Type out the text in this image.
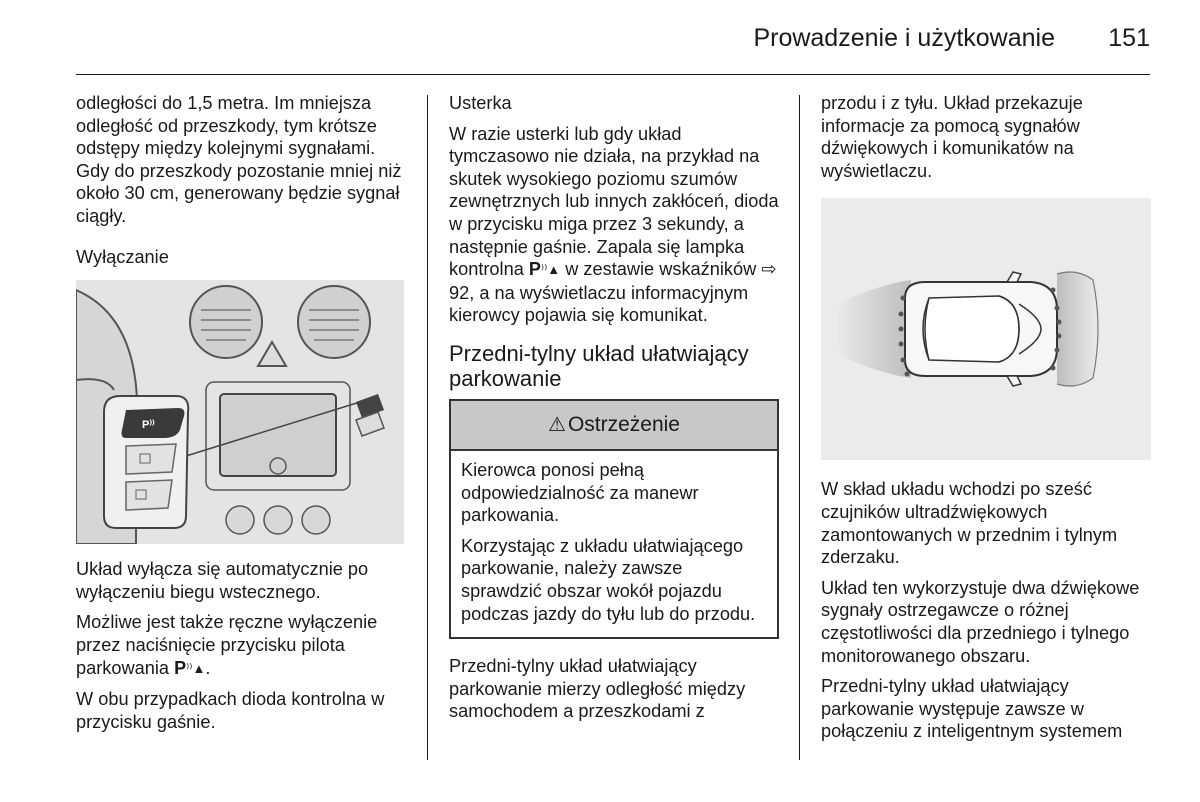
Prowadzenie i użytkowanie 151

odległości do 1,5 metra. Im mniejsza odległość od przeszkody, tym krótsze odstępy między kolejnymi sygnałami. Gdy do przeszkody pozostanie mniej niż około 30 cm, generowany będzie sygnał ciągły.

Wyłączanie

P⁾⁾

Układ wyłącza się automatycznie po wyłączeniu biegu wstecznego.

Możliwe jest także ręczne wyłączenie przez naciśnięcie przycisku pilota parkowania P⁾⁾▲.

W obu przypadkach dioda kontrolna w przycisku gaśnie.

Usterka

W razie usterki lub gdy układ tymczasowo nie działa, na przykład na skutek wysokiego poziomu szumów zewnętrznych lub innych zakłóceń, dioda w przycisku miga przez 3 sekundy, a następnie gaśnie. Zapala się lampka kontrolna P⁾⁾▲ w zestawie wskaźników ⇨ 92, a na wyświetlaczu informacyjnym kierowcy pojawia się komunikat.

Przedni-tylny układ ułatwiający parkowanie

⚠ Ostrzeżenie

Kierowca ponosi pełną odpowiedzialność za manewr parkowania.

Korzystając z układu ułatwiającego parkowanie, należy zawsze sprawdzić obszar wokół pojazdu podczas jazdy do tyłu lub do przodu.

Przedni-tylny układ ułatwiający parkowanie mierzy odległość między samochodem a przeszkodami z

przodu i z tyłu. Układ przekazuje informacje za pomocą sygnałów dźwiękowych i komunikatów na wyświetlaczu.

W skład układu wchodzi po sześć czujników ultradźwiękowych zamontowanych w przednim i tylnym zderzaku.

Układ ten wykorzystuje dwa dźwiękowe sygnały ostrzegawcze o różnej częstotliwości dla przedniego i tylnego monitorowanego obszaru.

Przedni-tylny układ ułatwiający parkowanie występuje zawsze w połączeniu z inteligentnym systemem
